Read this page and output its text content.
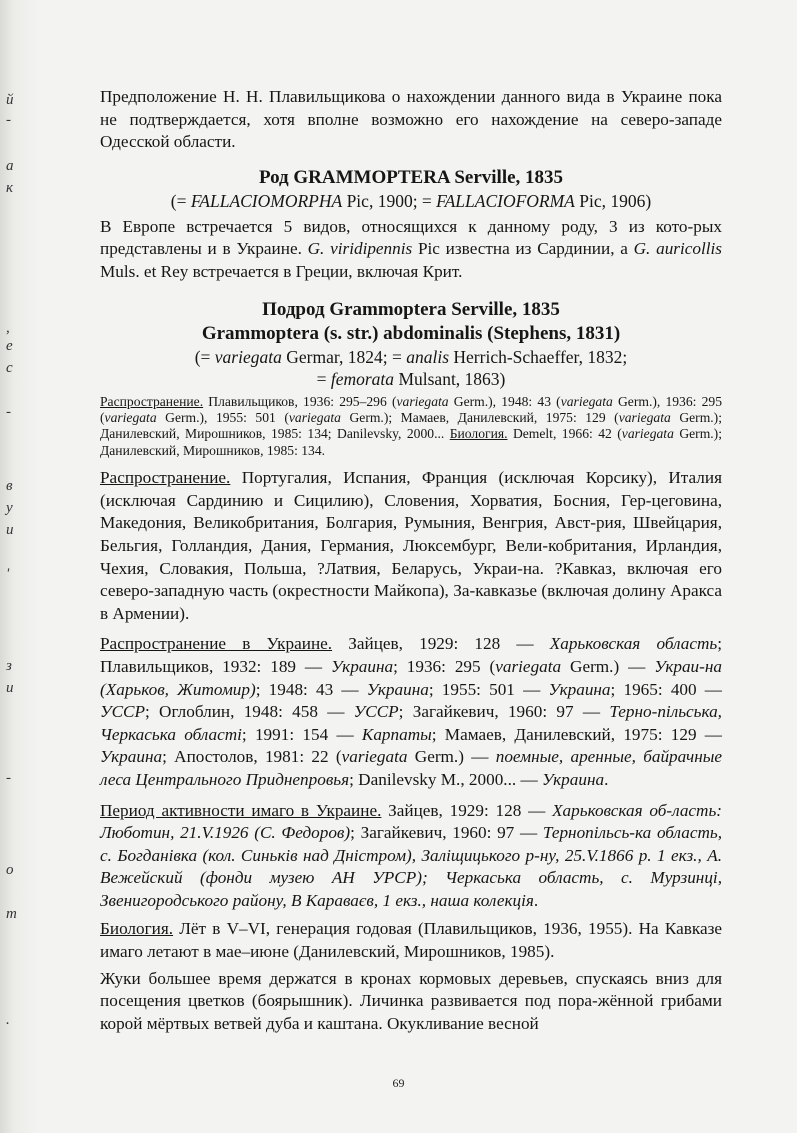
й
-
а
к
,
е
с
-
в
у
и
'
з
и
-
о
т
.

Предположение Н. Н. Плавильщикова о нахождении данного вида в Украине пока не подтверждается, хотя вполне возможно его нахождение на северо-западе Одесской области.

Род GRAMMOPTERA Serville, 1835

(= FALLACIOMORPHA Pic, 1900; = FALLACIOFORMA Pic, 1906)

В Европе встречается 5 видов, относящихся к данному роду, 3 из кото-рых представлены и в Украине. G. viridipennis Pic известна из Сардинии, а G. auricollis Muls. et Rey встречается в Греции, включая Крит.

Подрод Grammoptera Serville, 1835
Grammoptera (s. str.) abdominalis (Stephens, 1831)

(= variegata Germar, 1824; = analis Herrich-Schaeffer, 1832;

= femorata Mulsant, 1863)

Распространение. Плавильщиков, 1936: 295–296 (variegata Germ.), 1948: 43 (variegata Germ.), 1936: 295 (variegata Germ.), 1955: 501 (variegata Germ.); Мамаев, Данилевский, 1975: 129 (variegata Germ.); Данилевский, Мирошников, 1985: 134; Danilevsky, 2000... Биология. Demelt, 1966: 42 (variegata Germ.); Данилевский, Мирошников, 1985: 134.

Распространение. Португалия, Испания, Франция (исключая Корсику), Италия (исключая Сардинию и Сицилию), Словения, Хорватия, Босния, Гер-цеговина, Македония, Великобритания, Болгария, Румыния, Венгрия, Авст-рия, Швейцария, Бельгия, Голландия, Дания, Германия, Люксембург, Вели-кобритания, Ирландия, Чехия, Словакия, Польша, ?Латвия, Беларусь, Украи-на. ?Кавказ, включая его северо-западную часть (окрестности Майкопа), За-кавказье (включая долину Аракса в Армении).

Распространение в Украине. Зайцев, 1929: 128 — Харьковская область; Плавильщиков, 1932: 189 — Украина; 1936: 295 (variegata Germ.) — Украи-на (Харьков, Житомир); 1948: 43 — Украина; 1955: 501 — Украина; 1965: 400 — УССР; Оглоблин, 1948: 458 — УССР; Загайкевич, 1960: 97 — Терно-пільська, Черкаська області; 1991: 154 — Карпаты; Мамаев, Данилевский, 1975: 129 — Украина; Апостолов, 1981: 22 (variegata Germ.) — поемные, аренные, байрачные леса Центрального Приднепровья; Danilevsky M., 2000... — Украина.

Период активности имаго в Украине. Зайцев, 1929: 128 — Харьковская об-ласть: Люботин, 21.V.1926 (С. Федоров); Загайкевич, 1960: 97 — Тернопільсь-ка область, с. Богданівка (кол. Синьків над Дністром), Заліщицького р-ну, 25.V.1866 р. 1 екз., А. Вежейский (фонди музею АН УРСР); Черкаська область, с. Мурзинці, Звенигородського району, В Караваєв, 1 екз., наша колекція.

Биология. Лёт в V–VI, генерация годовая (Плавильщиков, 1936, 1955). На Кавказе имаго летают в мае–июне (Данилевский, Мирошников, 1985).

Жуки большее время держатся в кронах кормовых деревьев, спускаясь вниз для посещения цветков (боярышник). Личинка развивается под пора-жённой грибами корой мёртвых ветвей дуба и каштана. Окукливание весной

69
